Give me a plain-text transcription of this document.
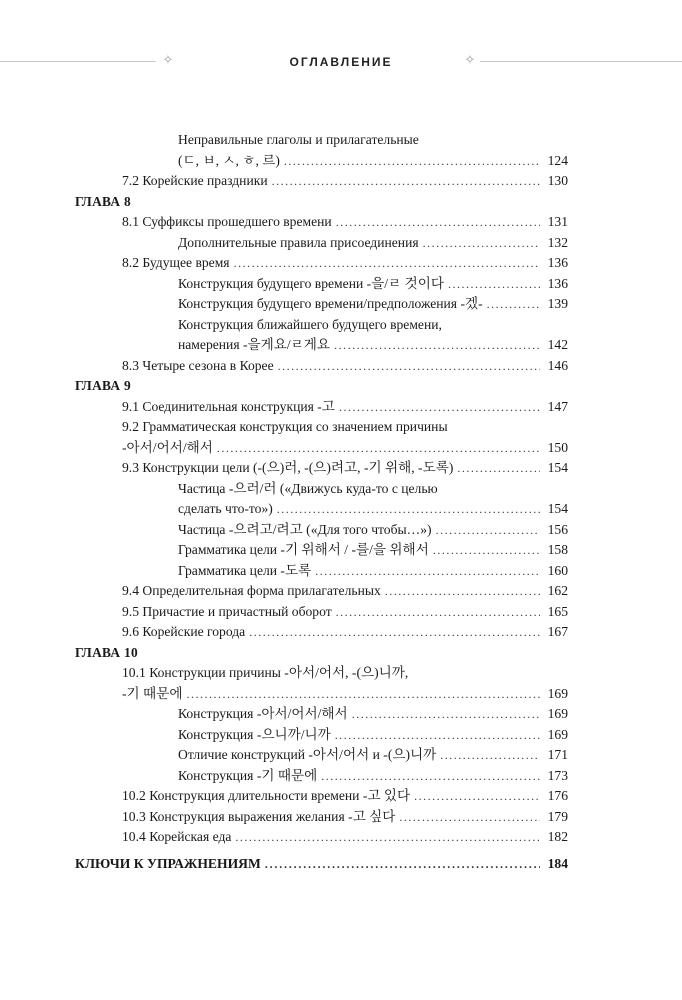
✧	ОГЛАВЛЕНИЕ	✧
Неправильные глаголы и прилагательные
(ㄷ, ㅂ, ㅅ, ㅎ, 르) .....	124
7.2 Корейские праздники .....	130
ГЛАВА 8
8.1 Суффиксы прошедшего времени .....	131
Дополнительные правила присоединения .....	132
8.2 Будущее время .....	136
Конструкция будущего времени -을/ㄹ 것이다 .....	136
Конструкция будущего времени/предположения -겠- .....	139
Конструкция ближайшего будущего времени,
намерения -을게요/ㄹ게요 .....	142
8.3 Четыре сезона в Корее .....	146
ГЛАВА 9
9.1 Соединительная конструкция -고 .....	147
9.2 Грамматическая конструкция со значением причины
-아서/어서/해서 .....	150
9.3 Конструкции цели (-(으)러, -(으)려고, -기 위해, -도록) .....	154
Частица -으러/러 («Движусь куда-то с целью
сделать что-то») .....	154
Частица -으려고/려고 («Для того чтобы…») .....	156
Грамматика цели -기 위해서 / -를/을 위해서 .....	158
Грамматика цели -도록 .....	160
9.4 Определительная форма прилагательных .....	162
9.5 Причастие и причастный оборот .....	165
9.6 Корейские города .....	167
ГЛАВА 10
10.1 Конструкции причины -아서/어서, -(으)니까,
-기 때문에 .....	169
Конструкция -아서/어서/해서 .....	169
Конструкция -으니까/니까 .....	169
Отличие конструкций -아서/어서 и -(으)니까 .....	171
Конструкция -기 때문에 .....	173
10.2 Конструкция длительности времени -고 있다 .....	176
10.3 Конструкция выражения желания -고 싶다 .....	179
10.4 Корейская еда .....	182
КЛЮЧИ К УПРАЖНЕНИЯМ .....	184
